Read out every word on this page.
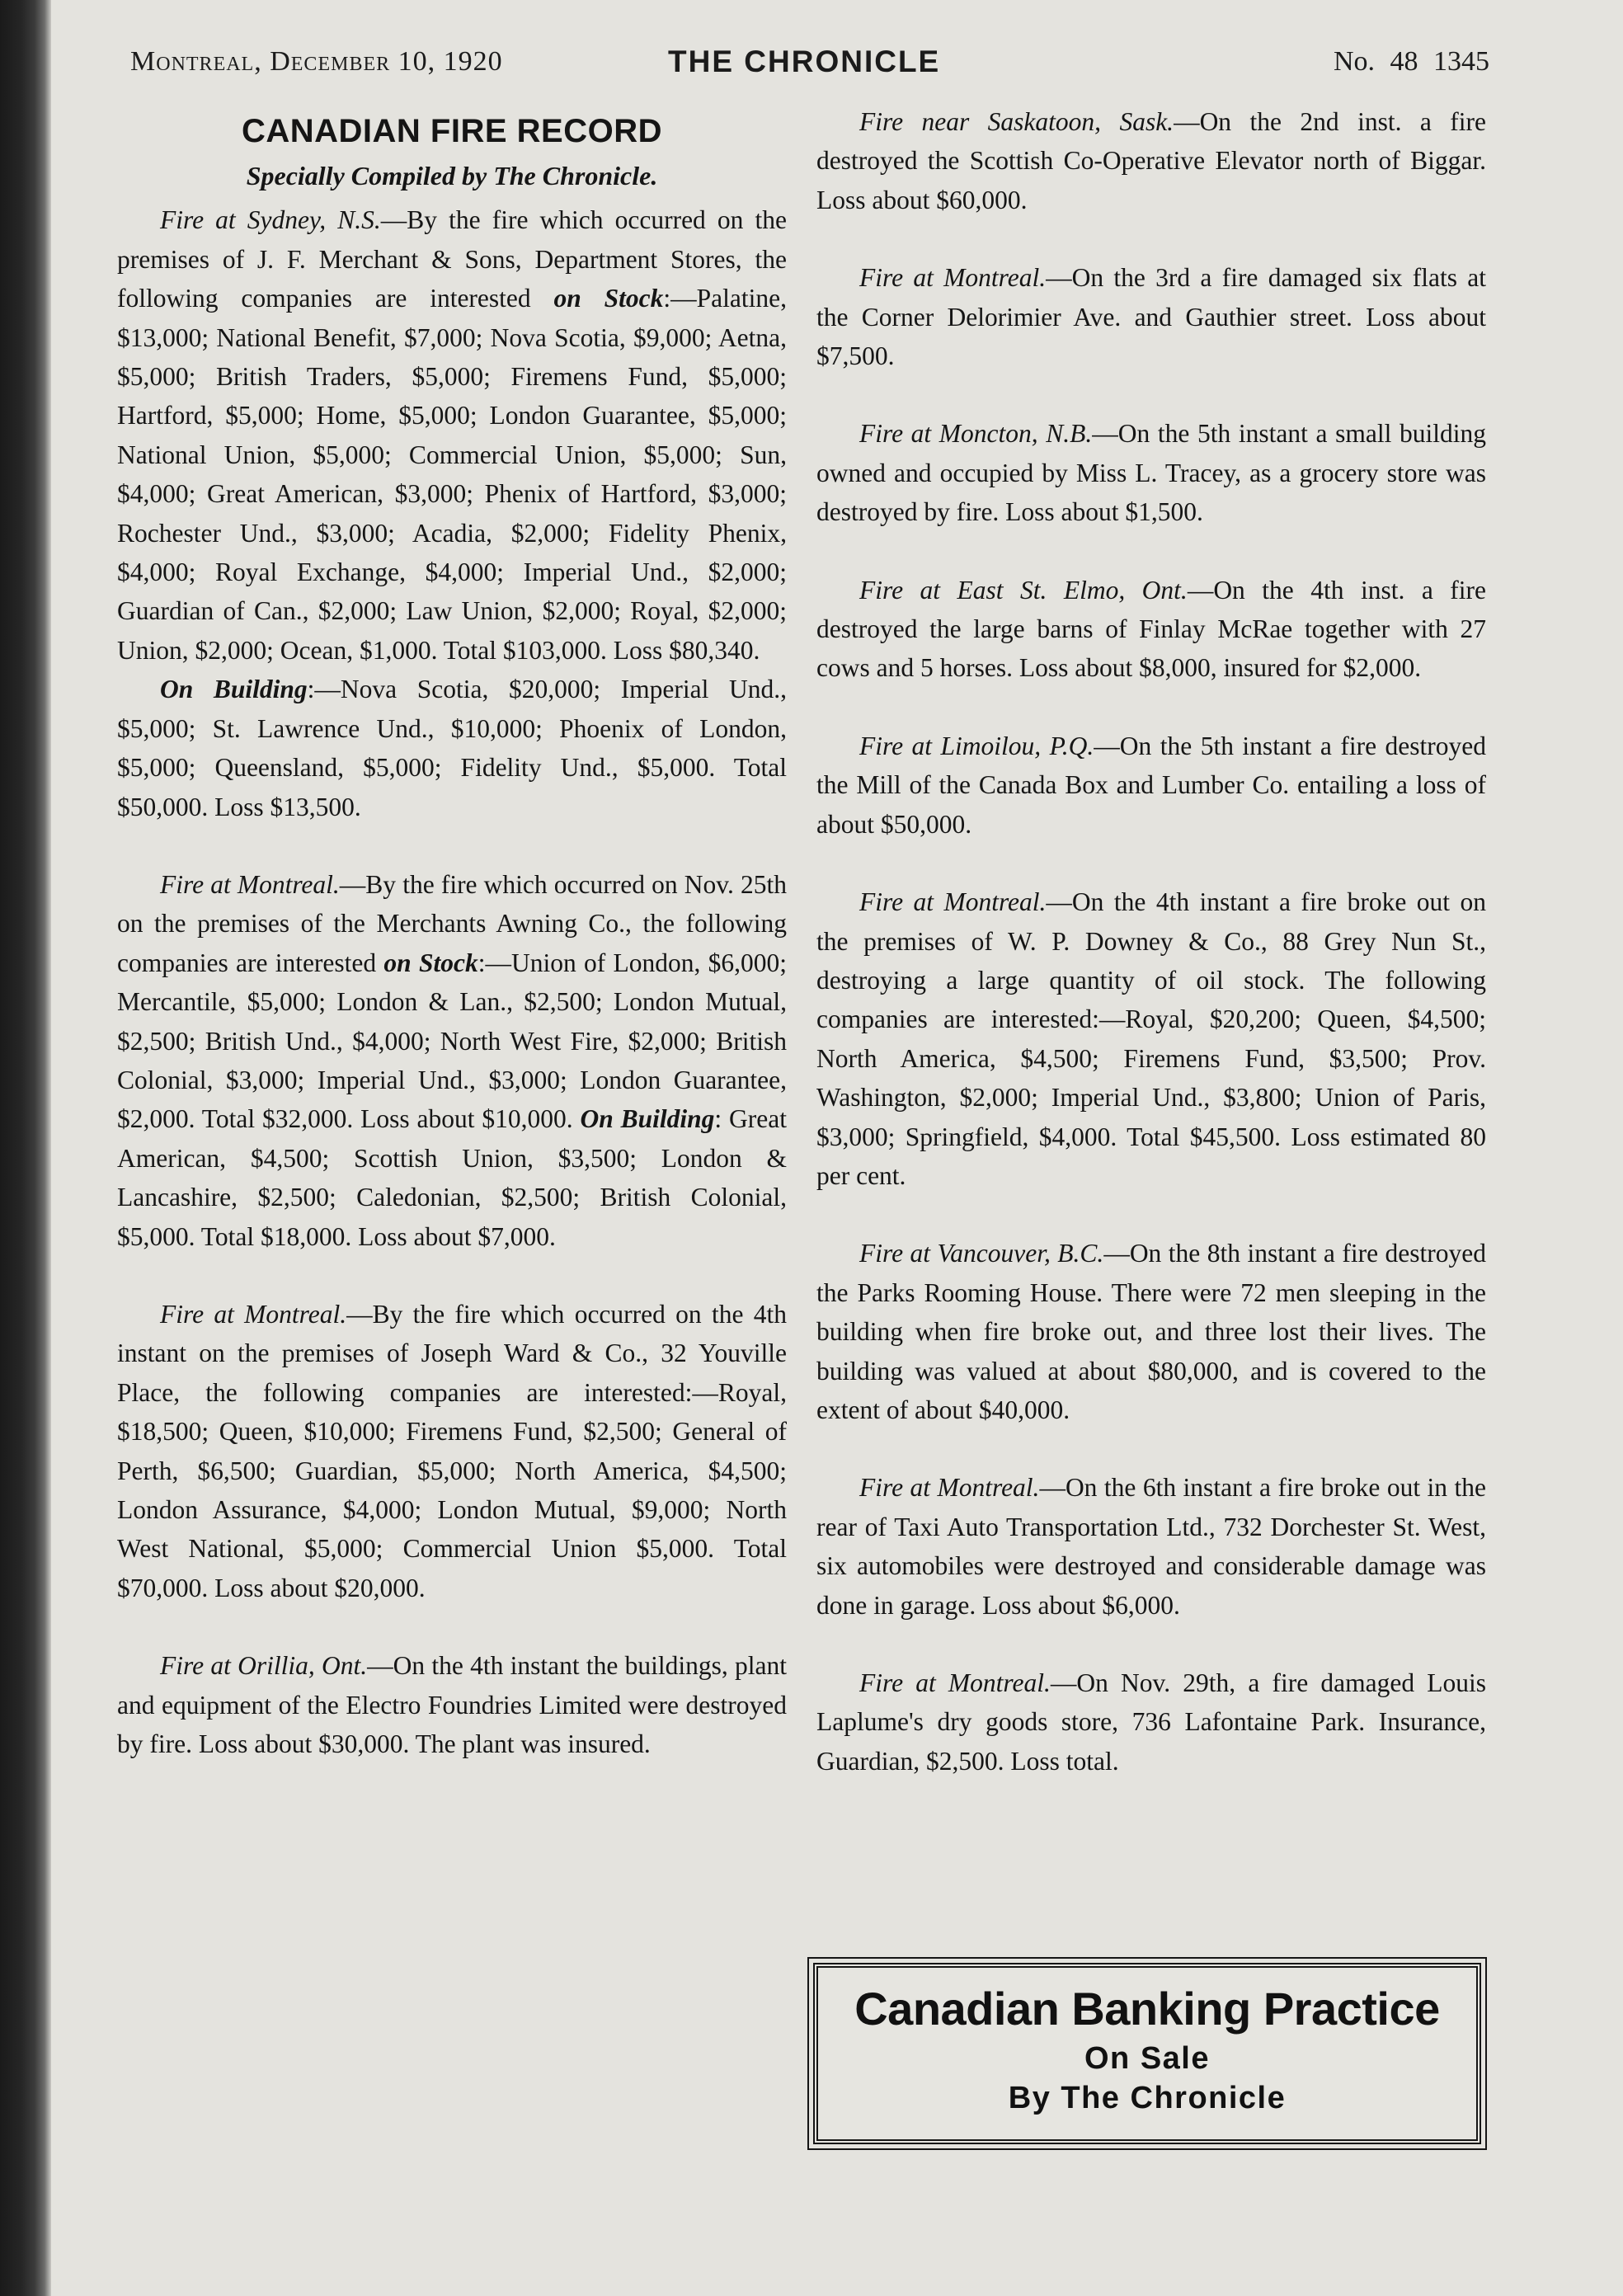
Montreal, December 10, 1920	THE CHRONICLE	No. 48 1345
CANADIAN FIRE RECORD
Specially Compiled by The Chronicle.

Fire at Sydney, N.S.—By the fire which occurred on the premises of J. F. Merchant & Sons, Department Stores, the following companies are interested on Stock:—Palatine, $13,000; National Benefit, $7,000; Nova Scotia, $9,000; Aetna, $5,000; British Traders, $5,000; Firemens Fund, $5,000; Hartford, $5,000; Home, $5,000; London Guarantee, $5,000; National Union, $5,000; Commercial Union, $5,000; Sun, $4,000; Great American, $3,000; Phenix of Hartford, $3,000; Rochester Und., $3,000; Acadia, $2,000; Fidelity Phenix, $4,000; Royal Exchange, $4,000; Imperial Und., $2,000; Guardian of Can., $2,000; Law Union, $2,000; Royal, $2,000; Union, $2,000; Ocean, $1,000. Total $103,000. Loss $80,340.

On Building:—Nova Scotia, $20,000; Imperial Und., $5,000; St. Lawrence Und., $10,000; Phoenix of London, $5,000; Queensland, $5,000; Fidelity Und., $5,000. Total $50,000. Loss $13,500.

Fire at Montreal.—By the fire which occurred on Nov. 25th on the premises of the Merchants Awning Co., the following companies are interested on Stock:—Union of London, $6,000; Mercantile, $5,000; London & Lan., $2,500; London Mutual, $2,500; British Und., $4,000; North West Fire, $2,000; British Colonial, $3,000; Imperial Und., $3,000; London Guarantee, $2,000. Total $32,000. Loss about $10,000. On Building: Great American, $4,500; Scottish Union, $3,500; London & Lancashire, $2,500; Caledonian, $2,500; British Colonial, $5,000. Total $18,000. Loss about $7,000.

Fire at Montreal.—By the fire which occurred on the 4th instant on the premises of Joseph Ward & Co., 32 Youville Place, the following companies are interested:—Royal, $18,500; Queen, $10,000; Firemens Fund, $2,500; General of Perth, $6,500; Guardian, $5,000; North America, $4,500; London Assurance, $4,000; London Mutual, $9,000; North West National, $5,000; Commercial Union $5,000. Total $70,000. Loss about $20,000.

Fire at Orillia, Ont.—On the 4th instant the buildings, plant and equipment of the Electro Foundries Limited were destroyed by fire. Loss about $30,000. The plant was insured.

Fire near Saskatoon, Sask.—On the 2nd inst. a fire destroyed the Scottish Co-Operative Elevator north of Biggar. Loss about $60,000.

Fire at Montreal.—On the 3rd a fire damaged six flats at the Corner Delorimier Ave. and Gauthier street. Loss about $7,500.

Fire at Moncton, N.B.—On the 5th instant a small building owned and occupied by Miss L. Tracey, as a grocery store was destroyed by fire. Loss about $1,500.

Fire at East St. Elmo, Ont.—On the 4th inst. a fire destroyed the large barns of Finlay McRae together with 27 cows and 5 horses. Loss about $8,000, insured for $2,000.

Fire at Limoilou, P.Q.—On the 5th instant a fire destroyed the Mill of the Canada Box and Lumber Co. entailing a loss of about $50,000.

Fire at Montreal.—On the 4th instant a fire broke out on the premises of W. P. Downey & Co., 88 Grey Nun St., destroying a large quantity of oil stock. The following companies are interested:—Royal, $20,200; Queen, $4,500; North America, $4,500; Firemens Fund, $3,500; Prov. Washington, $2,000; Imperial Und., $3,800; Union of Paris, $3,000; Springfield, $4,000. Total $45,500. Loss estimated 80 per cent.

Fire at Vancouver, B.C.—On the 8th instant a fire destroyed the Parks Rooming House. There were 72 men sleeping in the building when fire broke out, and three lost their lives. The building was valued at about $80,000, and is covered to the extent of about $40,000.

Fire at Montreal.—On the 6th instant a fire broke out in the rear of Taxi Auto Transportation Ltd., 732 Dorchester St. West, six automobiles were destroyed and considerable damage was done in garage. Loss about $6,000.

Fire at Montreal.—On Nov. 29th, a fire damaged Louis Laplume's dry goods store, 736 Lafontaine Park. Insurance, Guardian, $2,500. Loss total.

Canadian Banking Practice
On Sale
By The Chronicle
